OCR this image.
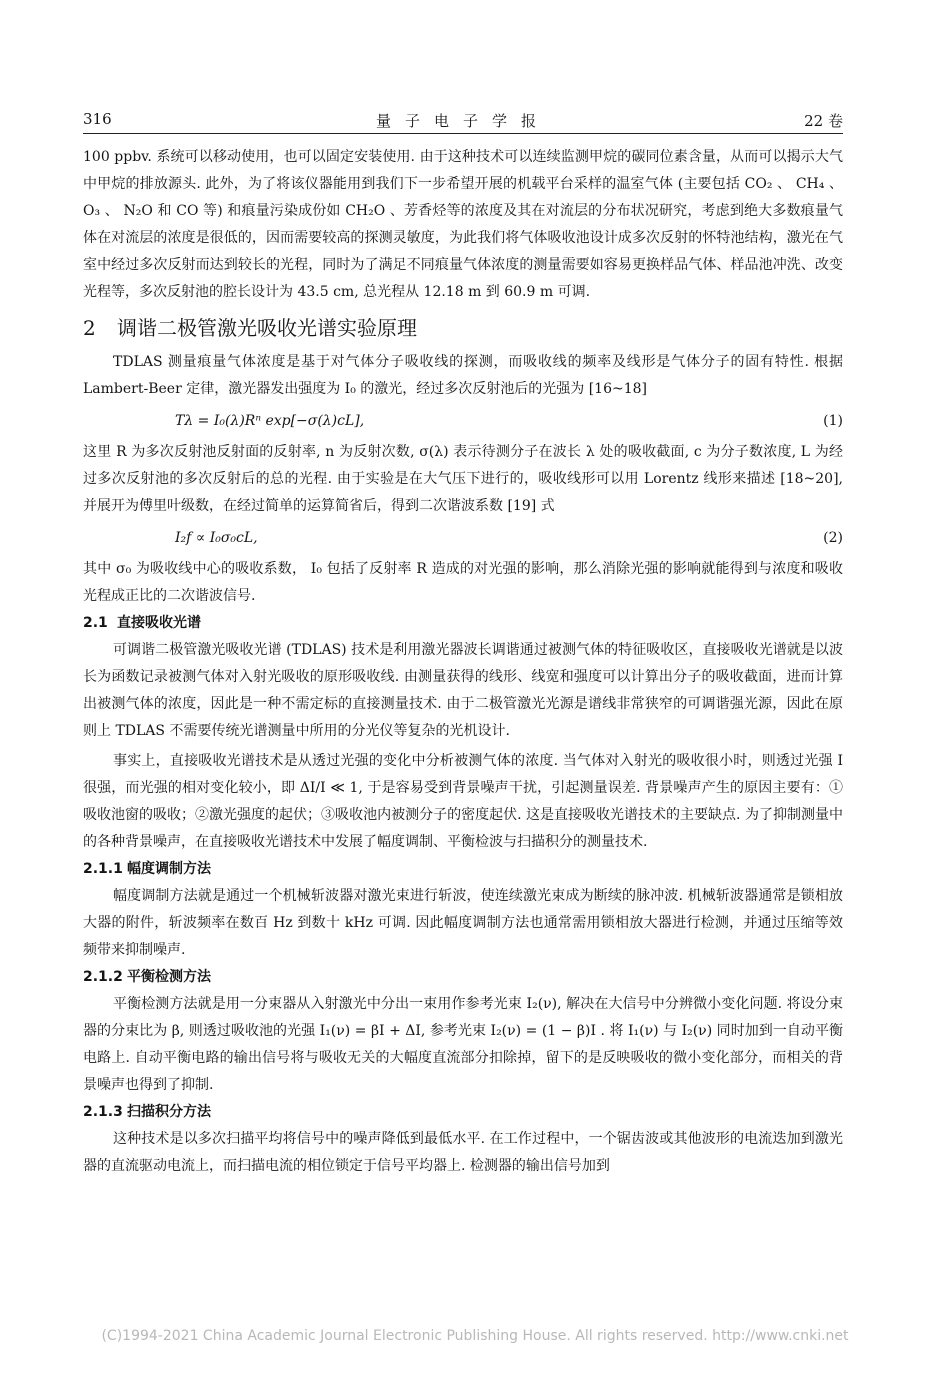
316	量子电子学报	22 卷

100 ppbv. 系统可以移动使用，也可以固定安装使用. 由于这种技术可以连续监测甲烷的碳同位素含量，从而可以揭示大气中甲烷的排放源头. 此外，为了将该仪器能用到我们下一步希望开展的机载平台采样的温室气体 (主要包括 CO₂ 、 CH₄ 、 O₃ 、 N₂O 和 CO 等) 和痕量污染成份如 CH₂O 、芳香烃等的浓度及其在对流层的分布状况研究，考虑到绝大多数痕量气体在对流层的浓度是很低的，因而需要较高的探测灵敏度，为此我们将气体吸收池设计成多次反射的怀特池结构，激光在气室中经过多次反射而达到较长的光程，同时为了满足不同痕量气体浓度的测量需要如容易更换样品气体、样品池冲洗、改变光程等，多次反射池的腔长设计为 43.5 cm, 总光程从 12.18 m 到 60.9 m 可调.

2 调谐二极管激光吸收光谱实验原理

TDLAS 测量痕量气体浓度是基于对气体分子吸收线的探测，而吸收线的频率及线形是气体分子的固有特性. 根据 Lambert-Beer 定律，激光器发出强度为 I₀ 的激光，经过多次反射池后的光强为 [16~18]

Tλ = I₀(λ)Rⁿ exp[−σ(λ)cL],	(1)

这里 R 为多次反射池反射面的反射率, n 为反射次数, σ(λ) 表示待测分子在波长 λ 处的吸收截面, c 为分子数浓度, L 为经过多次反射池的多次反射后的总的光程. 由于实验是在大气压下进行的，吸收线形可以用 Lorentz 线形来描述 [18~20], 并展开为傅里叶级数，在经过简单的运算简省后，得到二次谐波系数 [19] 式

I₂f ∝ I₀σ₀cL,	(2)

其中 σ₀ 为吸收线中心的吸收系数， I₀ 包括了反射率 R 造成的对光强的影响，那么消除光强的影响就能得到与浓度和吸收光程成正比的二次谐波信号.

2.1 直接吸收光谱

可调谐二极管激光吸收光谱 (TDLAS) 技术是利用激光器波长调谐通过被测气体的特征吸收区，直接吸收光谱就是以波长为函数记录被测气体对入射光吸收的原形吸收线. 由测量获得的线形、线宽和强度可以计算出分子的吸收截面，进而计算出被测气体的浓度，因此是一种不需定标的直接测量技术. 由于二极管激光光源是谱线非常狭窄的可调谐强光源，因此在原则上 TDLAS 不需要传统光谱测量中所用的分光仪等复杂的光机设计.

事实上，直接吸收光谱技术是从透过光强的变化中分析被测气体的浓度. 当气体对入射光的吸收很小时，则透过光强 I 很强，而光强的相对变化较小，即 ΔI/I ≪ 1, 于是容易受到背景噪声干扰，引起测量误差. 背景噪声产生的原因主要有：①吸收池窗的吸收；②激光强度的起伏；③吸收池内被测分子的密度起伏. 这是直接吸收光谱技术的主要缺点. 为了抑制测量中的各种背景噪声，在直接吸收光谱技术中发展了幅度调制、平衡检波与扫描积分的测量技术.

2.1.1 幅度调制方法

幅度调制方法就是通过一个机械斩波器对激光束进行斩波，使连续激光束成为断续的脉冲波. 机械斩波器通常是锁相放大器的附件，斩波频率在数百 Hz 到数十 kHz 可调. 因此幅度调制方法也通常需用锁相放大器进行检测，并通过压缩等效频带来抑制噪声.

2.1.2 平衡检测方法

平衡检测方法就是用一分束器从入射激光中分出一束用作参考光束 I₂(ν), 解决在大信号中分辨微小变化问题. 将设分束器的分束比为 β, 则透过吸收池的光强 I₁(ν) = βI + ΔI, 参考光束 I₂(ν) = (1 − β)I . 将 I₁(ν) 与 I₂(ν) 同时加到一自动平衡电路上. 自动平衡电路的输出信号将与吸收无关的大幅度直流部分扣除掉，留下的是反映吸收的微小变化部分，而相关的背景噪声也得到了抑制.

2.1.3 扫描积分方法

这种技术是以多次扫描平均将信号中的噪声降低到最低水平. 在工作过程中，一个锯齿波或其他波形的电流迭加到激光器的直流驱动电流上，而扫描电流的相位锁定于信号平均器上. 检测器的输出信号加到

(C)1994-2021 China Academic Journal Electronic Publishing House. All rights reserved. http://www.cnki.net
